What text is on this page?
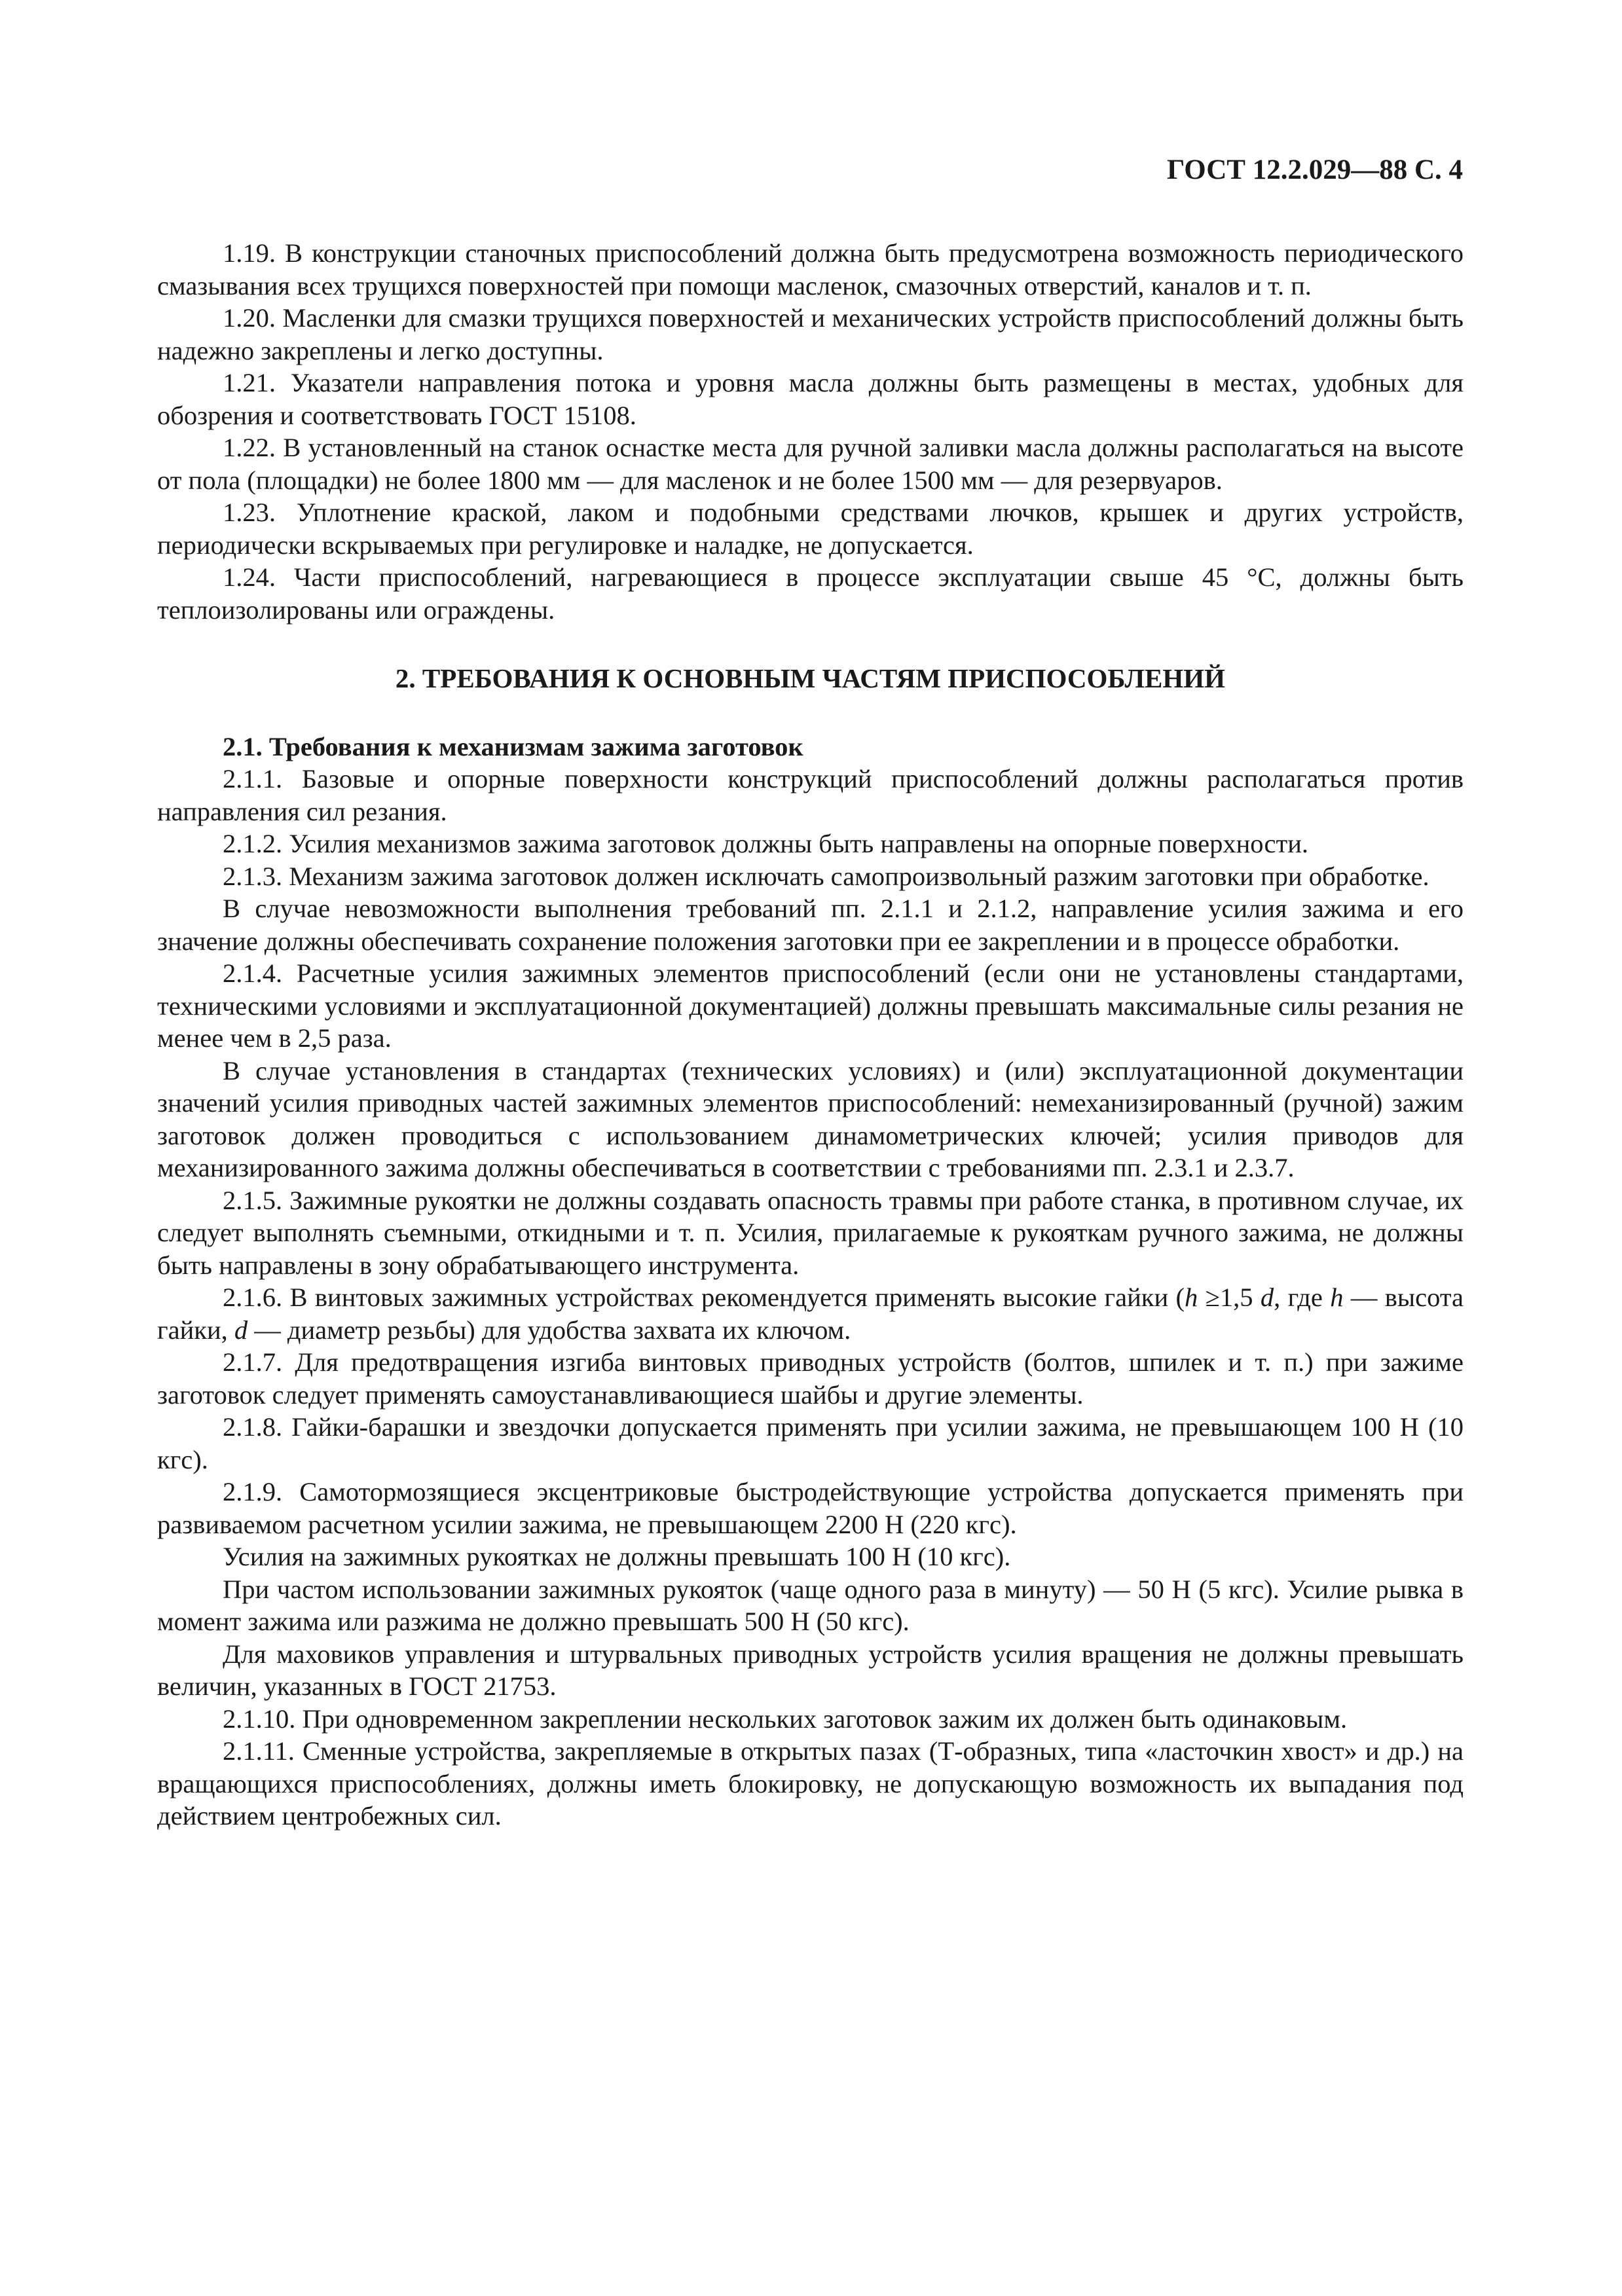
ГОСТ 12.2.029—88 С. 4

1.19. В конструкции станочных приспособлений должна быть предусмотрена возможность периодического смазывания всех трущихся поверхностей при помощи масленок, смазочных отверстий, каналов и т. п.

1.20. Масленки для смазки трущихся поверхностей и механических устройств приспособлений должны быть надежно закреплены и легко доступны.

1.21. Указатели направления потока и уровня масла должны быть размещены в местах, удобных для обозрения и соответствовать ГОСТ 15108.

1.22. В установленный на станок оснастке места для ручной заливки масла должны располагаться на высоте от пола (площадки) не более 1800 мм — для масленок и не более 1500 мм — для резервуаров.

1.23. Уплотнение краской, лаком и подобными средствами лючков, крышек и других устройств, периодически вскрываемых при регулировке и наладке, не допускается.

1.24. Части приспособлений, нагревающиеся в процессе эксплуатации свыше 45 °С, должны быть теплоизолированы или ограждены.

2. ТРЕБОВАНИЯ К ОСНОВНЫМ ЧАСТЯМ ПРИСПОСОБЛЕНИЙ

2.1. Требования к механизмам зажима заготовок

2.1.1. Базовые и опорные поверхности конструкций приспособлений должны располагаться против направления сил резания.

2.1.2. Усилия механизмов зажима заготовок должны быть направлены на опорные поверхности.

2.1.3. Механизм зажима заготовок должен исключать самопроизвольный разжим заготовки при обработке.

В случае невозможности выполнения требований пп. 2.1.1 и 2.1.2, направление усилия зажима и его значение должны обеспечивать сохранение положения заготовки при ее закреплении и в процессе обработки.

2.1.4. Расчетные усилия зажимных элементов приспособлений (если они не установлены стандартами, техническими условиями и эксплуатационной документацией) должны превышать максимальные силы резания не менее чем в 2,5 раза.

В случае установления в стандартах (технических условиях) и (или) эксплуатационной документации значений усилия приводных частей зажимных элементов приспособлений: немеханизированный (ручной) зажим заготовок должен проводиться с использованием динамометрических ключей; усилия приводов для механизированного зажима должны обеспечиваться в соответствии с требованиями пп. 2.3.1 и 2.3.7.

2.1.5. Зажимные рукоятки не должны создавать опасность травмы при работе станка, в противном случае, их следует выполнять съемными, откидными и т. п. Усилия, прилагаемые к рукояткам ручного зажима, не должны быть направлены в зону обрабатывающего инструмента.

2.1.6. В винтовых зажимных устройствах рекомендуется применять высокие гайки (h ≥1,5 d, где h — высота гайки, d — диаметр резьбы) для удобства захвата их ключом.

2.1.7. Для предотвращения изгиба винтовых приводных устройств (болтов, шпилек и т. п.) при зажиме заготовок следует применять самоустанавливающиеся шайбы и другие элементы.

2.1.8. Гайки-барашки и звездочки допускается применять при усилии зажима, не превышающем 100 Н (10 кгс).

2.1.9. Самотормозящиеся эксцентриковые быстродействующие устройства допускается применять при развиваемом расчетном усилии зажима, не превышающем 2200 Н (220 кгс).

Усилия на зажимных рукоятках не должны превышать 100 Н (10 кгс).

При частом использовании зажимных рукояток (чаще одного раза в минуту) — 50 Н (5 кгс). Усилие рывка в момент зажима или разжима не должно превышать 500 Н (50 кгс).

Для маховиков управления и штурвальных приводных устройств усилия вращения не должны превышать величин, указанных в ГОСТ 21753.

2.1.10. При одновременном закреплении нескольких заготовок зажим их должен быть одинаковым.

2.1.11. Сменные устройства, закрепляемые в открытых пазах (Т-образных, типа «ласточкин хвост» и др.) на вращающихся приспособлениях, должны иметь блокировку, не допускающую возможность их выпадания под действием центробежных сил.
